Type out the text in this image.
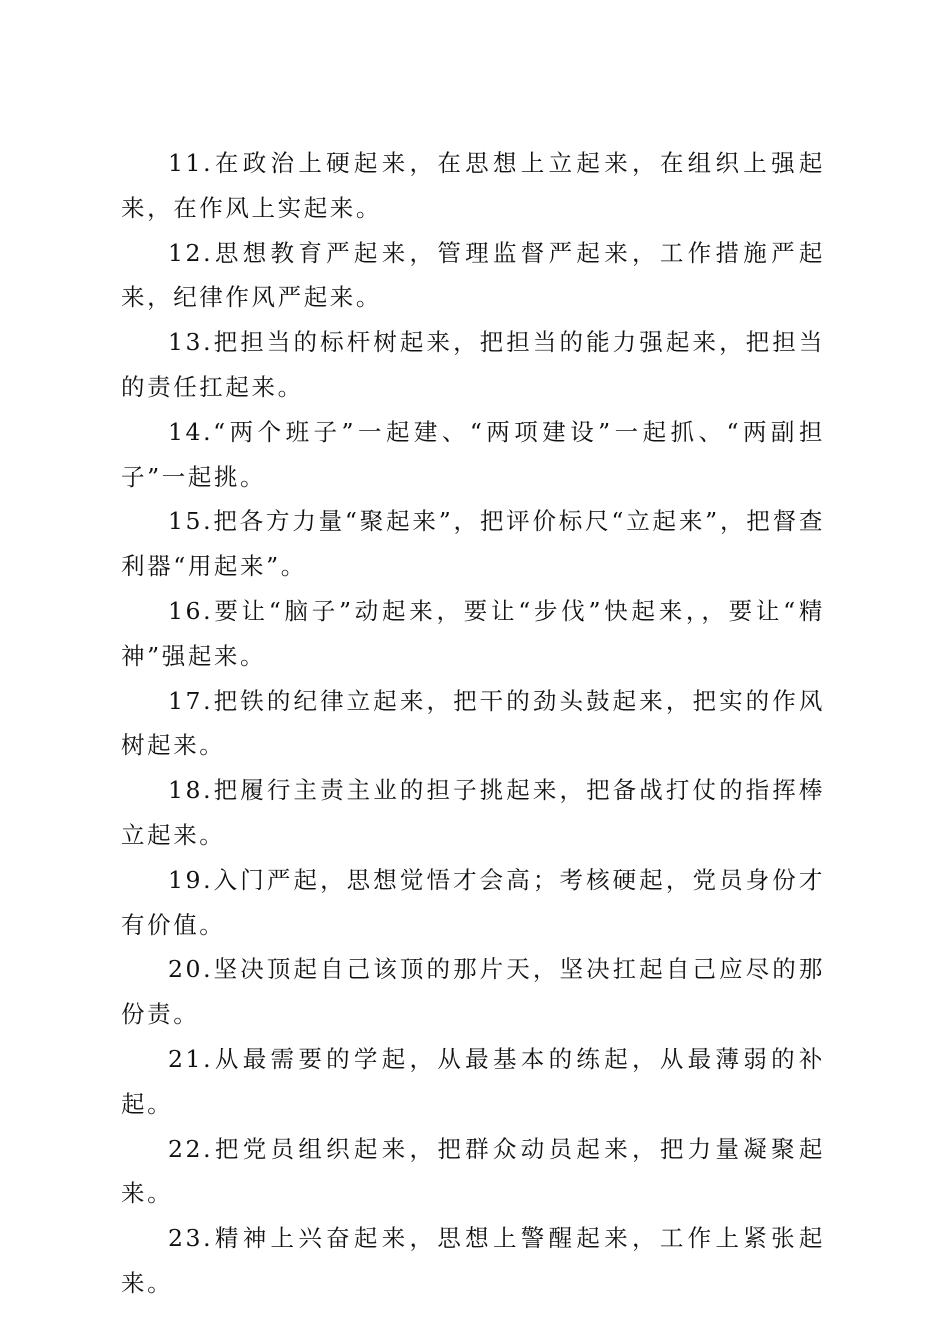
11.在政治上硬起来，在思想上立起来，在组织上强起来，在作风上实起来。

12.思想教育严起来，管理监督严起来，工作措施严起来，纪律作风严起来。

13.把担当的标杆树起来，把担当的能力强起来，把担当的责任扛起来。

14.“两个班子”一起建、“两项建设”一起抓、“两副担子”一起挑。

15.把各方力量“聚起来”，把评价标尺“立起来”，把督查利器“用起来”。

16.要让“脑子”动起来，要让“步伐”快起来，，要让“精神”强起来。

17.把铁的纪律立起来，把干的劲头鼓起来，把实的作风树起来。

18.把履行主责主业的担子挑起来，把备战打仗的指挥棒立起来。

19.入门严起，思想觉悟才会高；考核硬起，党员身份才有价值。

20.坚决顶起自己该顶的那片天，坚决扛起自己应尽的那份责。

21.从最需要的学起，从最基本的练起，从最薄弱的补起。

22.把党员组织起来，把群众动员起来，把力量凝聚起来。

23.精神上兴奋起来，思想上警醒起来，工作上紧张起来。
